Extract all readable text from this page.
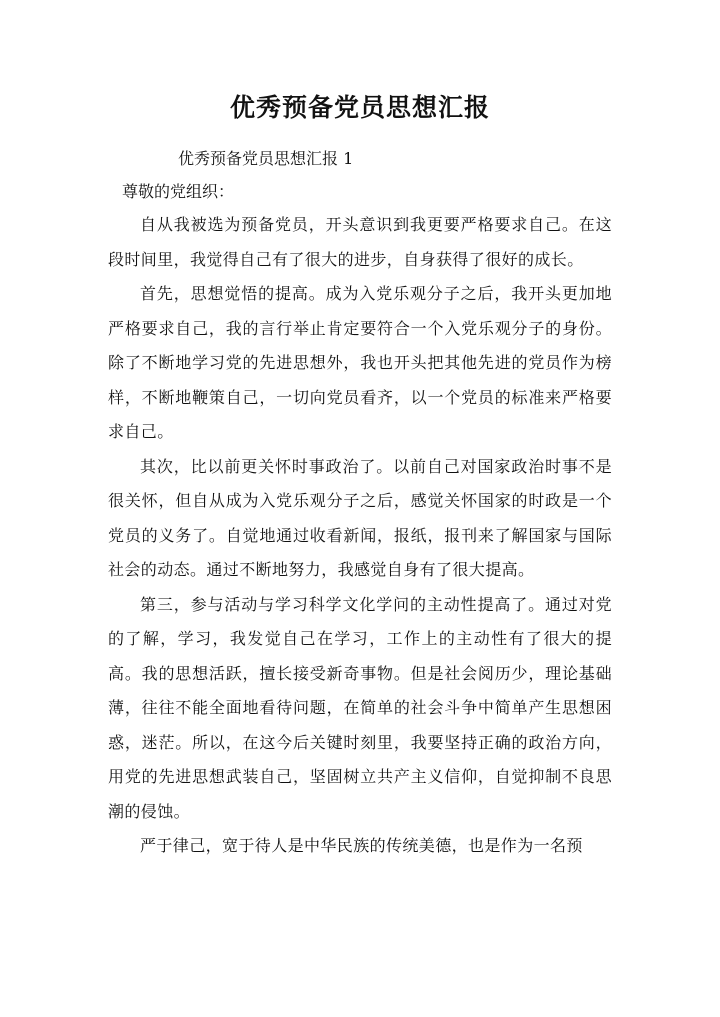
优秀预备党员思想汇报

优秀预备党员思想汇报 1

尊敬的党组织：

自从我被选为预备党员，开头意识到我更要严格要求自己。在这段时间里，我觉得自己有了很大的进步，自身获得了很好的成长。

首先，思想觉悟的提高。成为入党乐观分子之后，我开头更加地严格要求自己，我的言行举止肯定要符合一个入党乐观分子的身份。除了不断地学习党的先进思想外，我也开头把其他先进的党员作为榜样，不断地鞭策自己，一切向党员看齐，以一个党员的标准来严格要求自己。

其次，比以前更关怀时事政治了。以前自己对国家政治时事不是很关怀，但自从成为入党乐观分子之后，感觉关怀国家的时政是一个党员的义务了。自觉地通过收看新闻，报纸，报刊来了解国家与国际社会的动态。通过不断地努力，我感觉自身有了很大提高。

第三，参与活动与学习科学文化学问的主动性提高了。通过对党的了解，学习，我发觉自己在学习，工作上的主动性有了很大的提高。我的思想活跃，擅长接受新奇事物。但是社会阅历少，理论基础薄，往往不能全面地看待问题，在简单的社会斗争中简单产生思想困惑，迷茫。所以，在这今后关键时刻里，我要坚持正确的政治方向，用党的先进思想武装自己，坚固树立共产主义信仰，自觉抑制不良思潮的侵蚀。

严于律己，宽于待人是中华民族的传统美德，也是作为一名预
